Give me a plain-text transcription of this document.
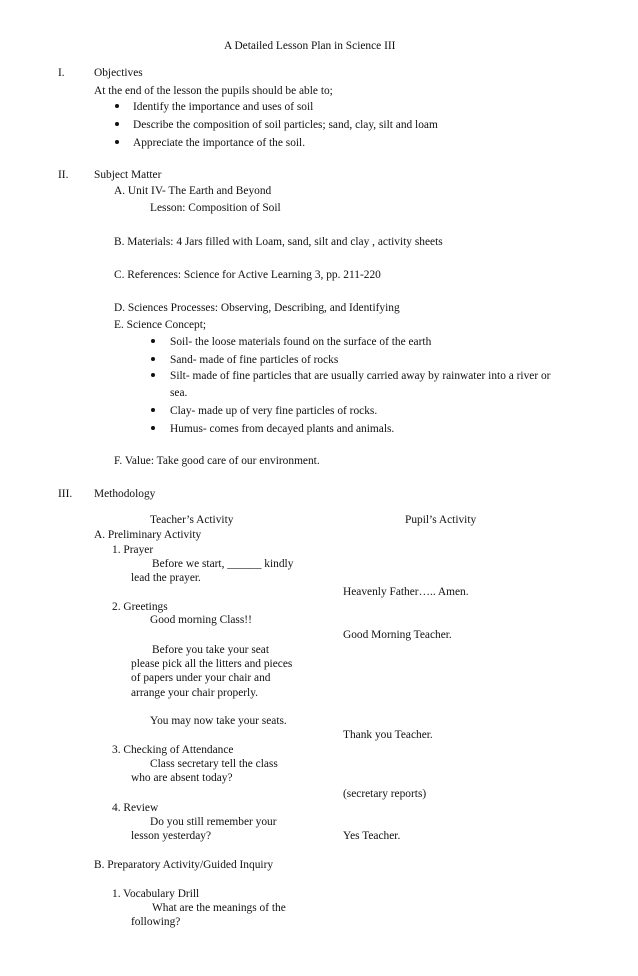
A Detailed Lesson Plan in Science III
I.	Objectives
At the end of the lesson the pupils should be able to;
Identify the importance and uses of soil
Describe the composition of soil particles; sand, clay, silt and loam
Appreciate the importance of the soil.
II. Subject Matter
A. Unit IV- The Earth and Beyond
Lesson: Composition of Soil
B. Materials: 4 Jars filled with Loam, sand, silt and clay , activity sheets
C. References: Science for Active Learning 3, pp. 211-220
D. Sciences Processes: Observing, Describing, and Identifying
E. Science Concept;
Soil- the loose materials found on the surface of the earth
Sand- made of fine particles of rocks
Silt- made of fine particles that are usually carried away by rainwater into a river or
sea.
Clay- made up of very fine particles of rocks.
Humus- comes from decayed plants and animals.
F. Value: Take good care of our environment.
III. Methodology
Teacher’s Activity	Pupil’s Activity
A. Preliminary Activity
1. Prayer
Before we start, ______ kindly
lead the prayer.
Heavenly Father….. Amen.
2. Greetings
Good morning Class!!
Good Morning Teacher.
Before you take your seat
please pick all the litters and pieces
of papers under your chair and
arrange your chair properly.
You may now take your seats.
Thank you Teacher.
3. Checking of Attendance
Class secretary tell the class
who are absent today?
(secretary reports)
4. Review
Do you still remember your
lesson yesterday?	Yes Teacher.
B. Preparatory Activity/Guided Inquiry
1. Vocabulary Drill
What are the meanings of the
following?
